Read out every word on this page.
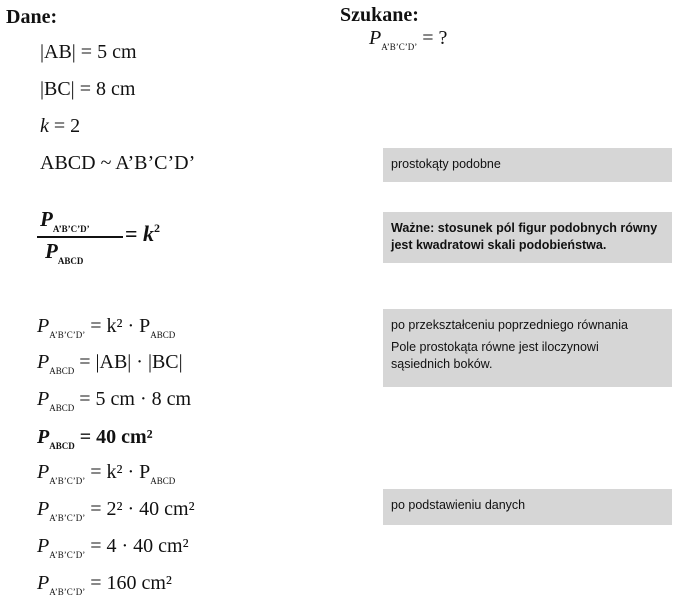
Dane:
|AB| = 5 cm
|BC| = 8 cm
k = 2
ABCD ~ A’B’C’D’
Szukane:
$P_{A’B’C’D’}$ = ?
$P_{A’B’C’D’}$
$P_{ABCD}$
= $k^2$
$P_{A’B’C’D’} = k^2 \cdot P_{ABCD}$
$P_{ABCD} = |AB| \cdot |BC|$
$P_{ABCD} = 5$ cm · 8 cm
$P_{ABCD} = 40$ cm²
$P_{A’B’C’D’} = k^2 \cdot P_{ABCD}$
$P_{A’B’C’D’} = 2^2 \cdot 40$ cm²
$P_{A’B’C’D’} = 4 \cdot 40$ cm²
$P_{A’B’C’D’} = 160$ cm²
prostokąty podobne
Ważne: stosunek pól figur podobnych równy
jest kwadratowi skali podobieństwa.
po przekształceniu poprzedniego równania
Pole prostokąta równe jest iloczynowi
sąsiednich boków.
po podstawieniu danych
